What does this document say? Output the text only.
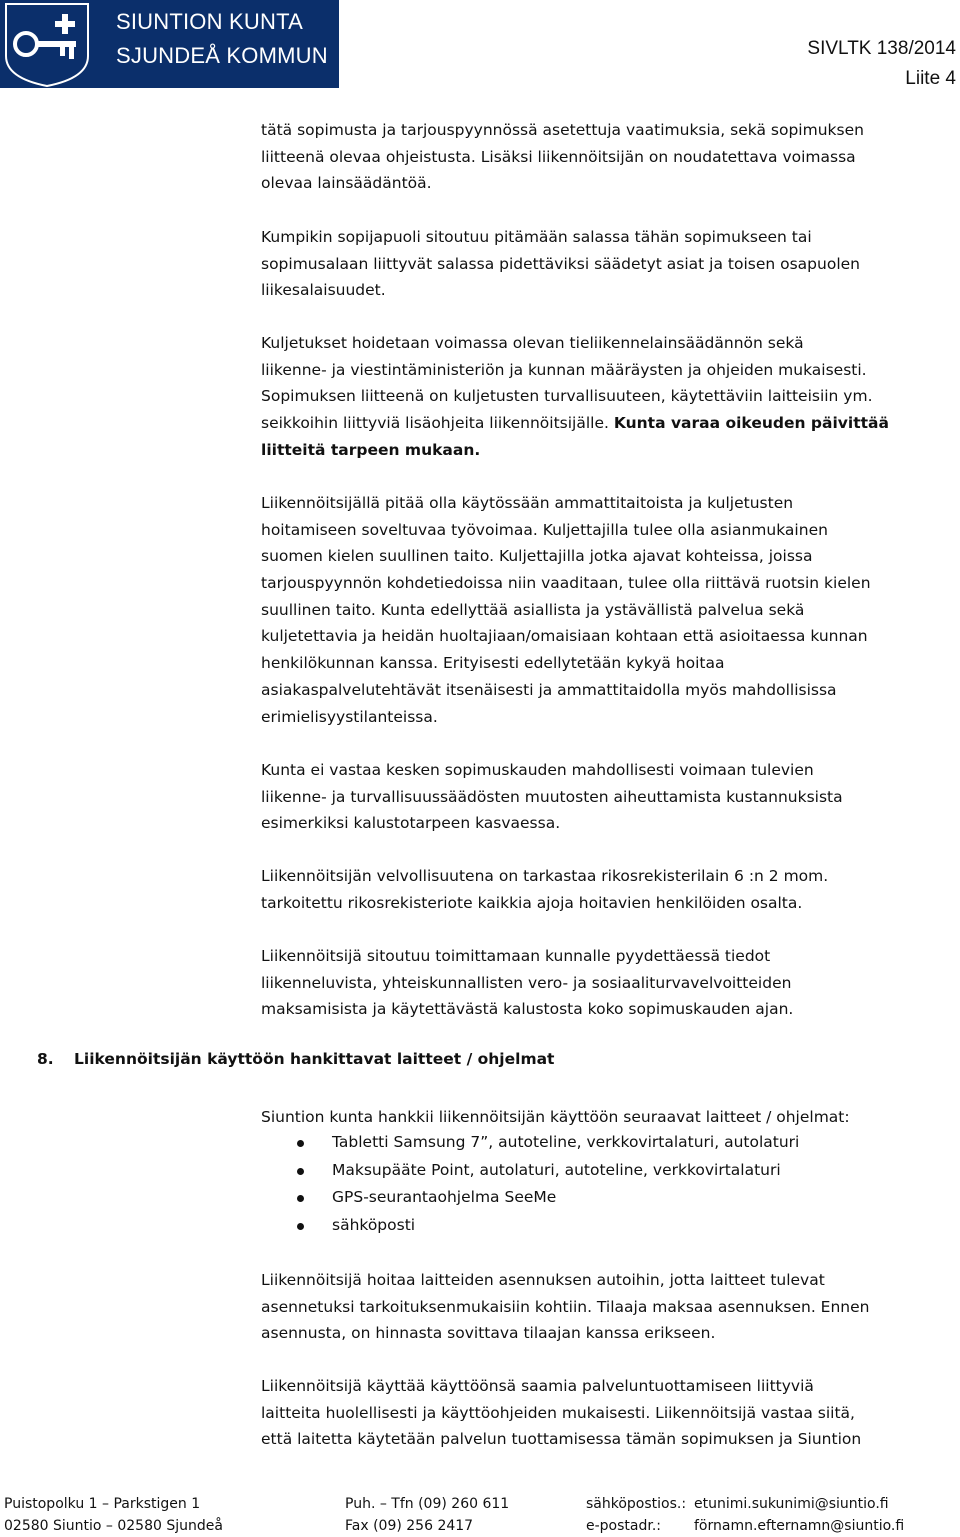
SIUNTION KUNTA
SJUNDEÅ KOMMUN	SIVLTK 138/2014
Liite 4
tätä sopimusta ja tarjouspyynnössä asetettuja vaatimuksia, sekä sopimuksen
liitteenä olevaa ohjeistusta. Lisäksi liikennöitsijän on noudatettava voimassa
olevaa lainsäädäntöä.
Kumpikin sopijapuoli sitoutuu pitämään salassa tähän sopimukseen tai
sopimusalaan liittyvät salassa pidettäviksi säädetyt asiat ja toisen osapuolen
liikesalaisuudet.
Kuljetukset hoidetaan voimassa olevan tieliikennelainsäädännön sekä
liikenne- ja viestintäministeriön ja kunnan määräysten ja ohjeiden mukaisesti.
Sopimuksen liitteenä on kuljetusten turvallisuuteen, käytettäviin laitteisiin ym.
seikkoihin liittyviä lisäohjeita liikennöitsijälle. Kunta varaa oikeuden päivittää
liitteitä tarpeen mukaan.
Liikennöitsijällä pitää olla käytössään ammattitaitoista ja kuljetusten
hoitamiseen soveltuvaa työvoimaa. Kuljettajilla tulee olla asianmukainen
suomen kielen suullinen taito. Kuljettajilla jotka ajavat kohteissa, joissa
tarjouspyynnön kohdetiedoissa niin vaaditaan, tulee olla riittävä ruotsin kielen
suullinen taito. Kunta edellyttää asiallista ja ystävällistä palvelua sekä
kuljetettavia ja heidän huoltajiaan/omaisiaan kohtaan että asioitaessa kunnan
henkilökunnan kanssa. Erityisesti edellytetään kykyä hoitaa
asiakaspalvelutehtävät itsenäisesti ja ammattitaidolla myös mahdollisissa
erimielisyystilanteissa.
Kunta ei vastaa kesken sopimuskauden mahdollisesti voimaan tulevien
liikenne- ja turvallisuussäädösten muutosten aiheuttamista kustannuksista
esimerkiksi kalustotarpeen kasvaessa.
Liikennöitsijän velvollisuutena on tarkastaa rikosrekisterilain 6 :n 2 mom.
tarkoitettu rikosrekisteriote kaikkia ajoja hoitavien henkilöiden osalta.
Liikennöitsijä sitoutuu toimittamaan kunnalle pyydettäessä tiedot
liikenneluvista, yhteiskunnallisten vero- ja sosiaaliturvavelvoitteiden
maksamisista ja käytettävästä kalustosta koko sopimuskauden ajan.
8. Liikennöitsijän käyttöön hankittavat laitteet / ohjelmat
Siuntion kunta hankkii liikennöitsijän käyttöön seuraavat laitteet / ohjelmat:
Tabletti Samsung 7”, autoteline, verkkovirtalaturi, autolaturi
Maksupääte Point, autolaturi, autoteline, verkkovirtalaturi
GPS-seurantaohjelma SeeMe
sähköposti
Liikennöitsijä hoitaa laitteiden asennuksen autoihin, jotta laitteet tulevat
asennetuksi tarkoituksenmukaisiin kohtiin. Tilaaja maksaa asennuksen. Ennen
asennusta, on hinnasta sovittava tilaajan kanssa erikseen.
Liikennöitsijä käyttää käyttöönsä saamia palveluntuottamiseen liittyviä
laitteita huolellisesti ja käyttöohjeiden mukaisesti. Liikennöitsijä vastaa siitä,
että laitetta käytetään palvelun tuottamisessa tämän sopimuksen ja Siuntion
Puistopolku 1 – Parkstigen 1
02580 Siuntio – 02580 Sjundeå
Puh. – Tfn (09) 260 611
Fax (09) 256 2417
sähköpostios.:
e-postadr.:
etunimi.sukunimi@siuntio.fi
förnamn.efternamn@siuntio.fi
